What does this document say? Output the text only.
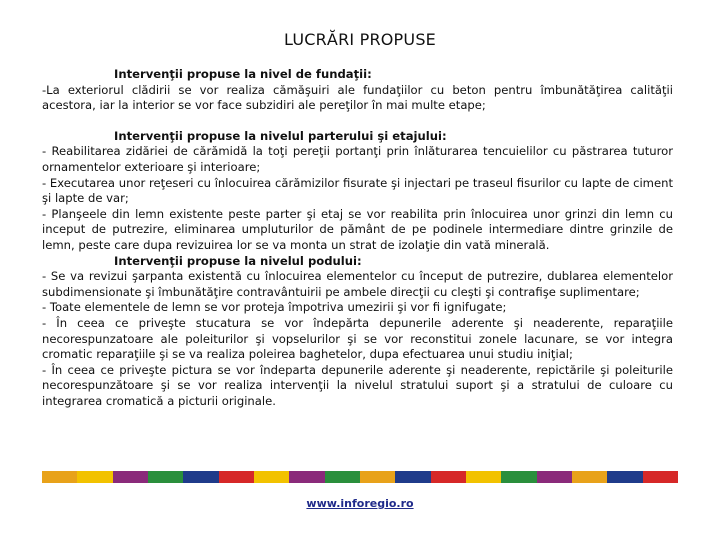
LUCRĂRI PROPUSE

Intervenţii propuse la nivel de fundaţii:

-La exteriorul clădirii se vor realiza cămăşuiri ale fundaţiilor cu beton pentru îmbunătăţirea calităţii acestora, iar la interior se vor face subzidiri ale pereţilor în mai multe etape;

Intervenţii propuse la nivelul parterului şi etajului:

- Reabilitarea zidăriei de cărămidă la toţi pereţii portanţi prin înlăturarea tencuielilor cu păstrarea tuturor ornamentelor exterioare şi interioare;

- Executarea unor reţeseri cu înlocuirea cărămizilor fisurate şi injectari pe traseul fisurilor cu lapte de ciment şi lapte de var;

- Planşeele din lemn existente peste parter şi etaj se vor reabilita prin înlocuirea unor grinzi din lemn cu inceput de putrezire, eliminarea umpluturilor de pământ de pe podinele intermediare dintre grinzile de lemn, peste care dupa revizuirea lor se va monta un strat de izolaţie din vată minerală.

Intervenţii propuse la nivelul podului:

- Se va revizui şarpanta existentă cu înlocuirea elementelor cu început de putrezire, dublarea elementelor subdimensionate şi îmbunătăţire contravântuirii pe ambele direcţii cu cleşti şi contrafişe suplimentare;

- Toate elementele de lemn se vor proteja împotriva umezirii şi vor fi ignifugate;

- În ceea ce priveşte stucatura se vor îndepărta depunerile aderente şi neaderente, reparaţiile necorespunzatoare ale poleiturilor şi vopselurilor şi se vor reconstitui zonele lacunare, se vor integra cromatic reparaţiile şi se va realiza poleirea baghetelor, dupa efectuarea unui studiu iniţial;

- În ceea ce priveşte pictura se vor îndeparta depunerile aderente şi neaderente, repictările şi poleiturile necorespunzătoare şi se vor realiza intervenţii la nivelul stratului suport şi a stratului de culoare cu integrarea cromatică a picturii originale.

www.inforegio.ro
